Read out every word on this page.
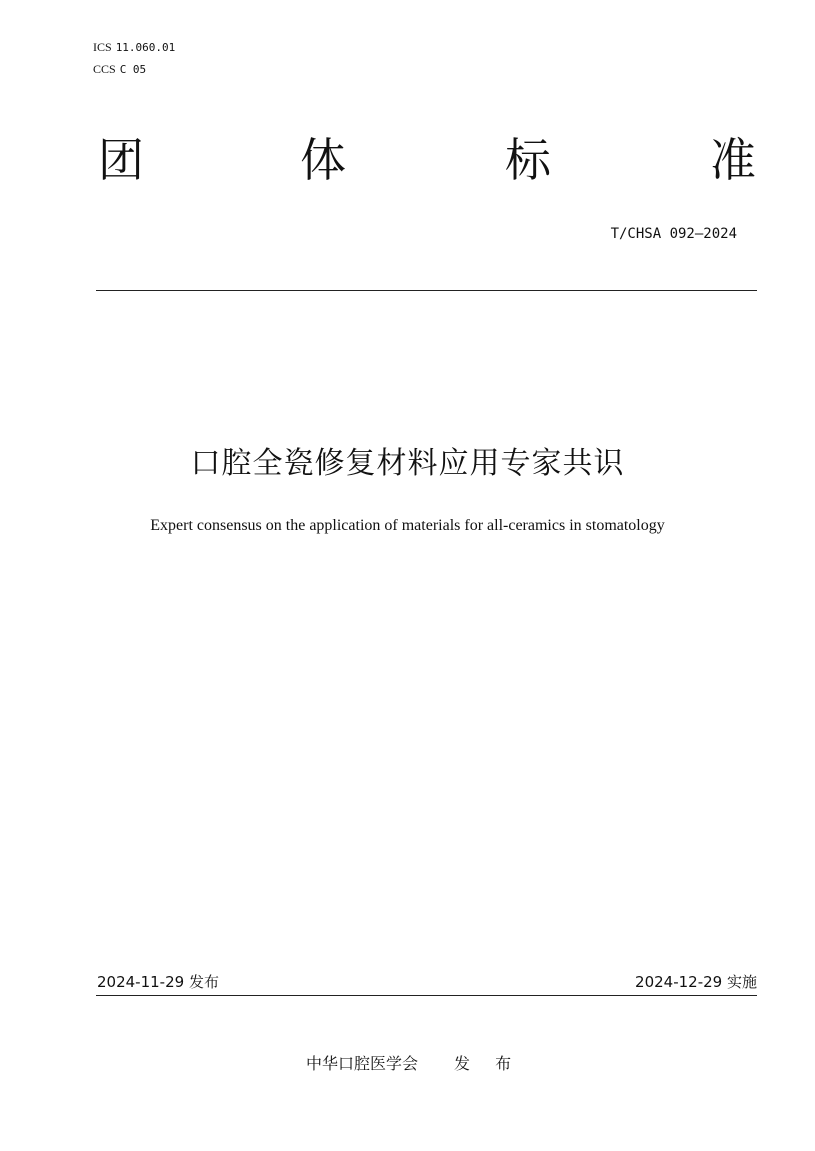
ICS 11.060.01
CCS C 05
团	体	标	准
T/CHSA 092—2024
口腔全瓷修复材料应用专家共识
Expert consensus on the application of materials for all-ceramics in stomatology
2024-11-29 发布	2024-12-29 实施
中华口腔医学会 发 布
